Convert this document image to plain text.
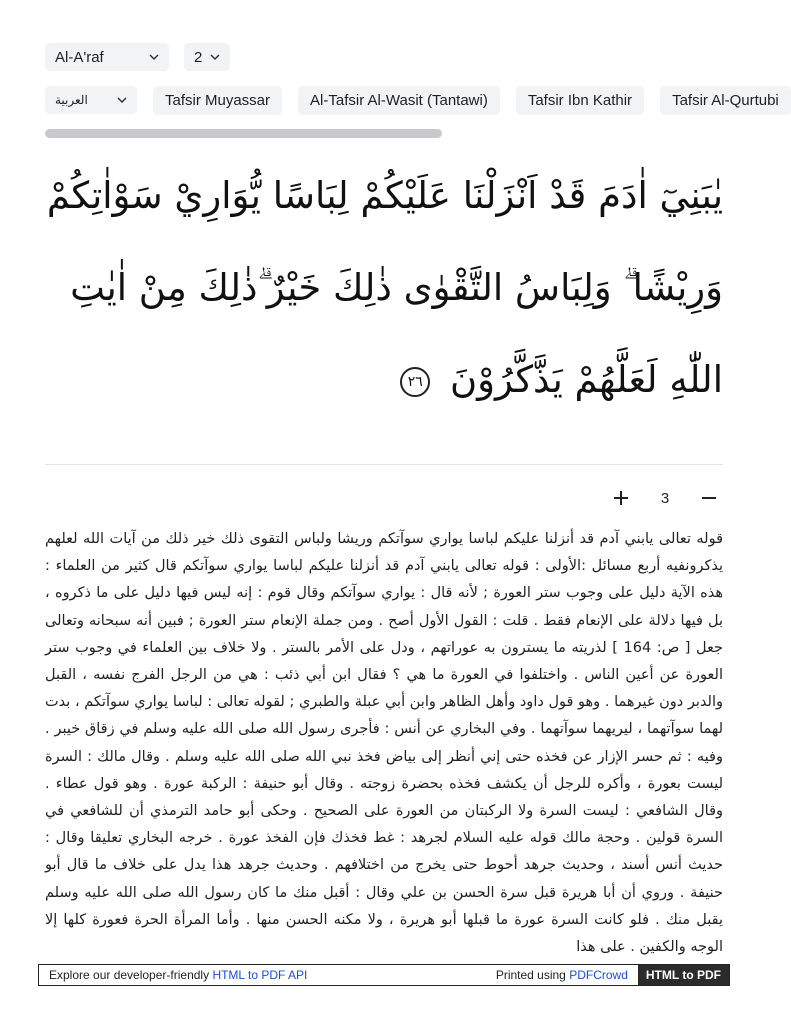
Al-A'raf	2
العربية	Tafsir Muyassar	Al-Tafsir Al-Wasit (Tantawi)	Tafsir Ibn Kathir	Tafsir Al-Qurtubi
يٰبَنِيٓ اٰدَمَ قَدْ اَنْزَلْنَا عَلَيْكُمْ لِبَاسًا يُّوَارِيْ سَوْاٰتِكُمْ وَرِيْشًا ۗ وَلِبَاسُ التَّقْوٰى ذٰلِكَ خَيْرٌ ۗذٰلِكَ مِنْ اٰيٰتِ اللّٰهِ لَعَلَّهُمْ يَذَّكَّرُوْنَ ٢٦
3

قوله تعالى يابني آدم قد أنزلنا عليكم لباسا يواري سوآتكم وريشا ولباس التقوى ذلك خير ذلك من آيات الله لعلهم يذكرونفيه أربع مسائل :الأولى : قوله تعالى يابني آدم قد أنزلنا عليكم لباسا يواري سوآتكم قال كثير من العلماء : هذه الآية دليل على وجوب ستر العورة ; لأنه قال : يواري سوآتكم وقال قوم : إنه ليس فيها دليل على ما ذكروه ، بل فيها دلالة على الإنعام فقط . قلت : القول الأول أصح . ومن جملة الإنعام ستر العورة ; فبين أنه سبحانه وتعالى جعل [ ص: 164 ] لذريته ما يسترون به عوراتهم ، ودل على الأمر بالستر . ولا خلاف بين العلماء في وجوب ستر العورة عن أعين الناس . واختلفوا في العورة ما هي ؟ فقال ابن أبي ذئب : هي من الرجل الفرج نفسه ، القبل والدبر دون غيرهما . وهو قول داود وأهل الظاهر وابن أبي عبلة والطبري ; لقوله تعالى : لباسا يواري سوآتكم ، بدت لهما سوآتهما ، ليريهما سوآتهما . وفي البخاري عن أنس : فأجرى رسول الله صلى الله عليه وسلم في زقاق خيبر . وفيه : ثم حسر الإزار عن فخذه حتى إني أنظر إلى بياض فخذ نبي الله صلى الله عليه وسلم . وقال مالك : السرة ليست بعورة ، وأكره للرجل أن يكشف فخذه بحضرة زوجته . وقال أبو حنيفة : الركبة عورة . وهو قول عطاء . وقال الشافعي : ليست السرة ولا الركبتان من العورة على الصحيح . وحكى أبو حامد الترمذي أن للشافعي في السرة قولين . وحجة مالك قوله عليه السلام لجرهد : غط فخذك فإن الفخذ عورة . خرجه البخاري تعليقا وقال : حديث أنس أسند ، وحديث جرهد أحوط حتى يخرج من اختلافهم . وحديث جرهد هذا يدل على خلاف ما قال أبو حنيفة . وروي أن أبا هريرة قبل سرة الحسن بن علي وقال : أقبل منك ما كان رسول الله صلى الله عليه وسلم يقبل منك . فلو كانت السرة عورة ما قبلها أبو هريرة ، ولا مكنه الحسن منها . وأما المرأة الحرة فعورة كلها إلا الوجه والكفين . على هذا

Explore our developer-friendly HTML to PDF API	Printed using PDFCrowd	HTML to PDF
